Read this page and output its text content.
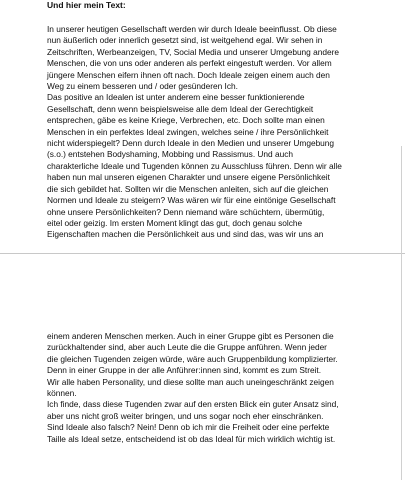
Und hier mein Text:
In unserer heutigen Gesellschaft werden wir durch Ideale beeinflusst. Ob diese
nun äußerlich oder innerlich gesetzt sind, ist weitgehend egal. Wir sehen in
Zeitschriften, Werbeanzeigen, TV, Social Media und unserer Umgebung andere
Menschen, die von uns oder anderen als perfekt eingestuft werden. Vor allem
jüngere Menschen eifern ihnen oft nach. Doch Ideale zeigen einem auch den
Weg zu einem besseren und / oder gesünderen Ich.
Das positive an Idealen ist unter anderem eine besser funktionierende
Gesellschaft, denn wenn beispielsweise alle dem Ideal der Gerechtigkeit
entsprechen, gäbe es keine Kriege, Verbrechen, etc. Doch sollte man einen
Menschen in ein perfektes Ideal zwingen, welches seine / ihre Persönlichkeit
nicht widerspiegelt? Denn durch Ideale in den Medien und unserer Umgebung
(s.o.) entstehen Bodyshaming, Mobbing und Rassismus. Und auch
charakterliche Ideale und Tugenden können zu Ausschluss führen. Denn wir alle
haben nun mal unseren eigenen Charakter und unsere eigene Persönlichkeit
die sich gebildet hat. Sollten wir die Menschen anleiten, sich auf die gleichen
Normen und Ideale zu steigern? Was wären wir für eine eintönige Gesellschaft
ohne unsere Persönlichkeiten? Denn niemand wäre schüchtern, übermütig,
eitel oder geizig. Im ersten Moment klingt das gut, doch genau solche
Eigenschaften machen die Persönlichkeit aus und sind das, was wir uns an
einem anderen Menschen merken. Auch in einer Gruppe gibt es Personen die
zurückhaltender sind, aber auch Leute die die Gruppe anführen. Wenn jeder
die gleichen Tugenden zeigen würde, wäre auch Gruppenbildung komplizierter.
Denn in einer Gruppe in der alle Anführer:innen sind, kommt es zum Streit.
Wir alle haben Personality, und diese sollte man auch uneingeschränkt zeigen
können.
Ich finde, dass diese Tugenden zwar auf den ersten Blick ein guter Ansatz sind,
aber uns nicht groß weiter bringen, und uns sogar noch eher einschränken.
Sind Ideale also falsch? Nein! Denn ob ich mir die Freiheit oder eine perfekte
Taille als Ideal setze, entscheidend ist ob das Ideal für mich wirklich wichtig ist.
